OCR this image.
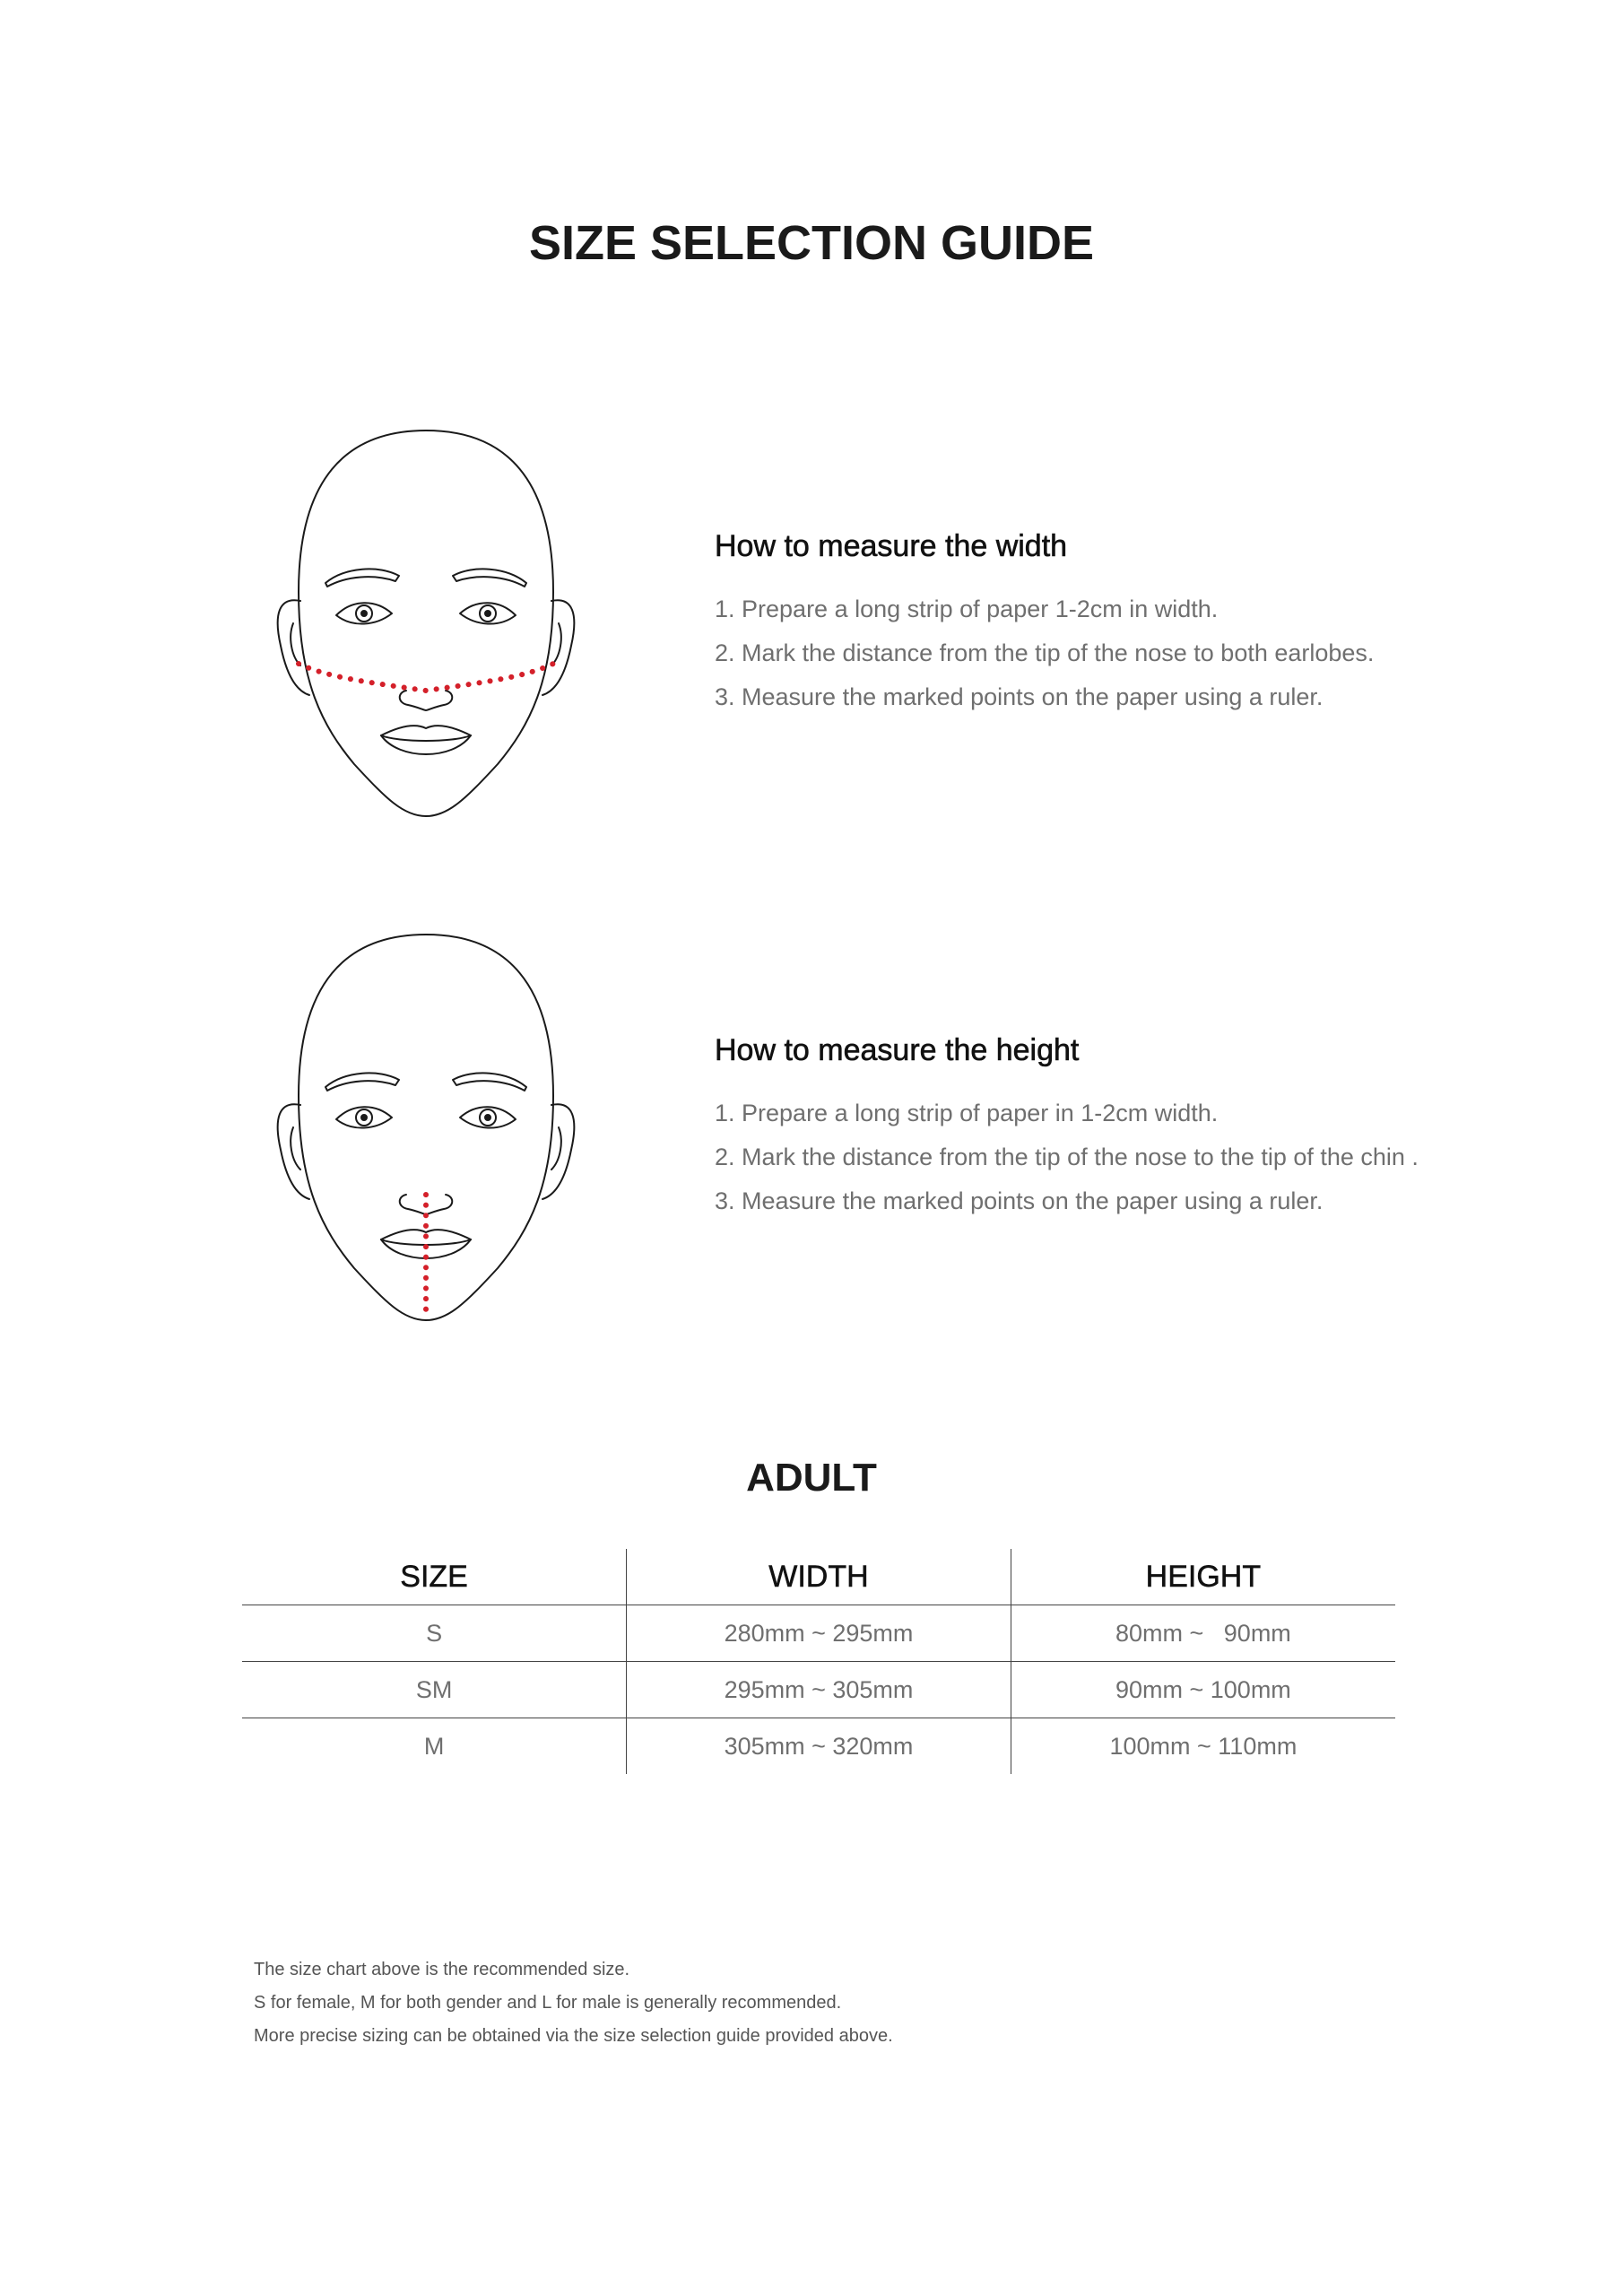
SIZE SELECTION GUIDE
How to measure the width
1. Prepare a long strip of paper 1-2cm in width.
2. Mark the distance from the tip of the nose to both earlobes.
3. Measure the marked points on the paper using a ruler.
How to measure the height
1. Prepare a long strip of paper in 1-2cm width.
2. Mark the distance from the tip of the nose to the tip of the chin .
3. Measure the marked points on the paper using a ruler.
ADULT
SIZE	WIDTH	HEIGHT
S	280mm ~ 295mm	80mm ~   90mm
SM	295mm ~ 305mm	90mm ~ 100mm
M	305mm ~ 320mm	100mm ~ 110mm

The size chart above is the recommended size.

S for female, M for both gender and L for male is generally recommended.

More precise sizing can be obtained via the size selection guide provided above.
